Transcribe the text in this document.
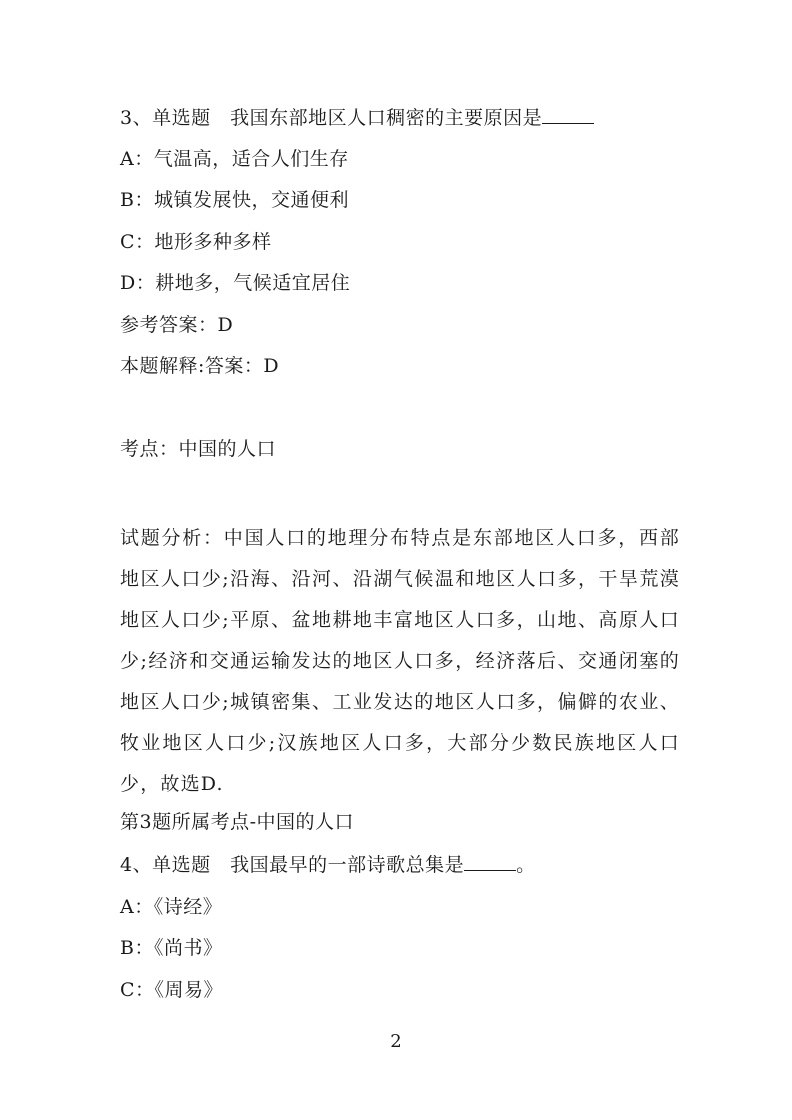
3、单选题　我国东部地区人口稠密的主要原因是
A：气温高，适合人们生存
B：城镇发展快，交通便利
C：地形多种多样
D：耕地多，气候适宜居住
参考答案：D
本题解释:答案：D
考点：中国的人口
试题分析：中国人口的地理分布特点是东部地区人口多，西部地区人口少;沿海、沿河、沿湖气候温和地区人口多，干旱荒漠地区人口少;平原、盆地耕地丰富地区人口多，山地、高原人口少;经济和交通运输发达的地区人口多，经济落后、交通闭塞的地区人口少;城镇密集、工业发达的地区人口多，偏僻的农业、牧业地区人口少;汉族地区人口多，大部分少数民族地区人口少，故选D.
第3题所属考点-中国的人口
4、单选题　我国最早的一部诗歌总集是	。
A：《诗经》
B：《尚书》
C：《周易》
2
